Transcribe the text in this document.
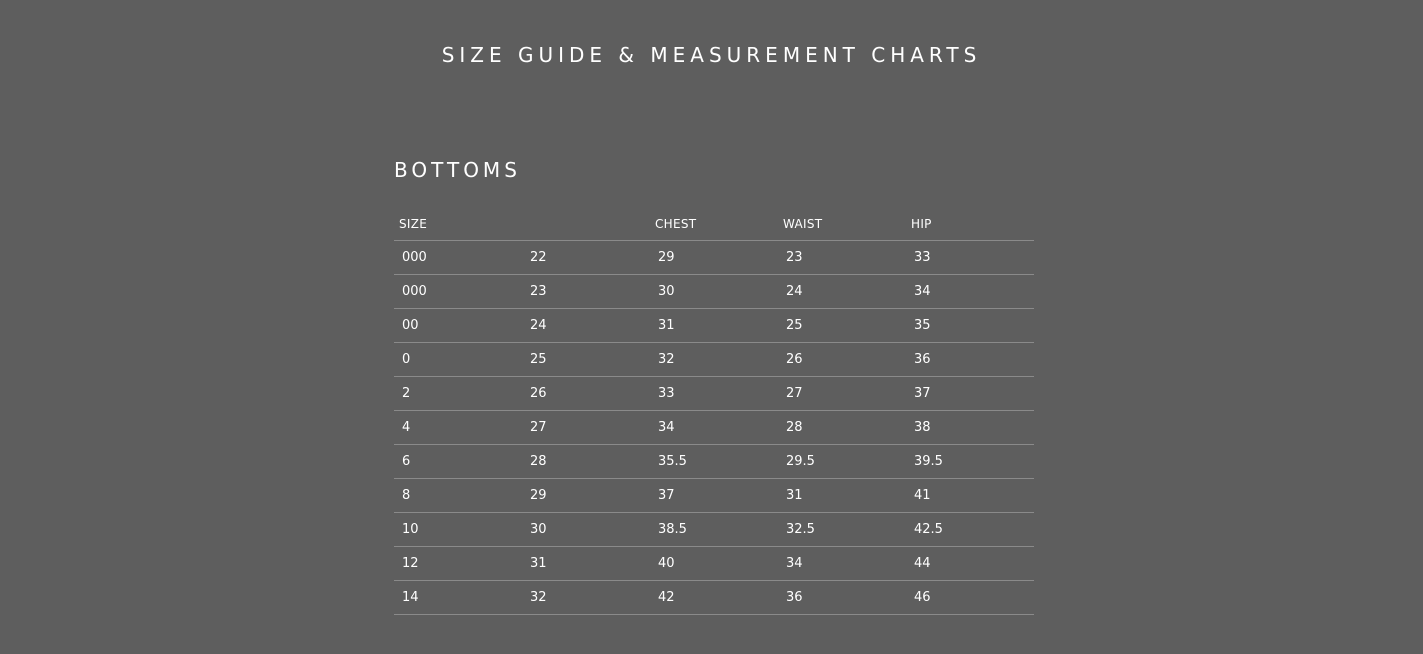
SIZE GUIDE & MEASUREMENT CHARTS
BOTTOMS
SIZE		CHEST	WAIST	HIP
000	22	29	23	33
000	23	30	24	34
00	24	31	25	35
0	25	32	26	36
2	26	33	27	37
4	27	34	28	38
6	28	35.5	29.5	39.5
8	29	37	31	41
10	30	38.5	32.5	42.5
12	31	40	34	44
14	32	42	36	46
